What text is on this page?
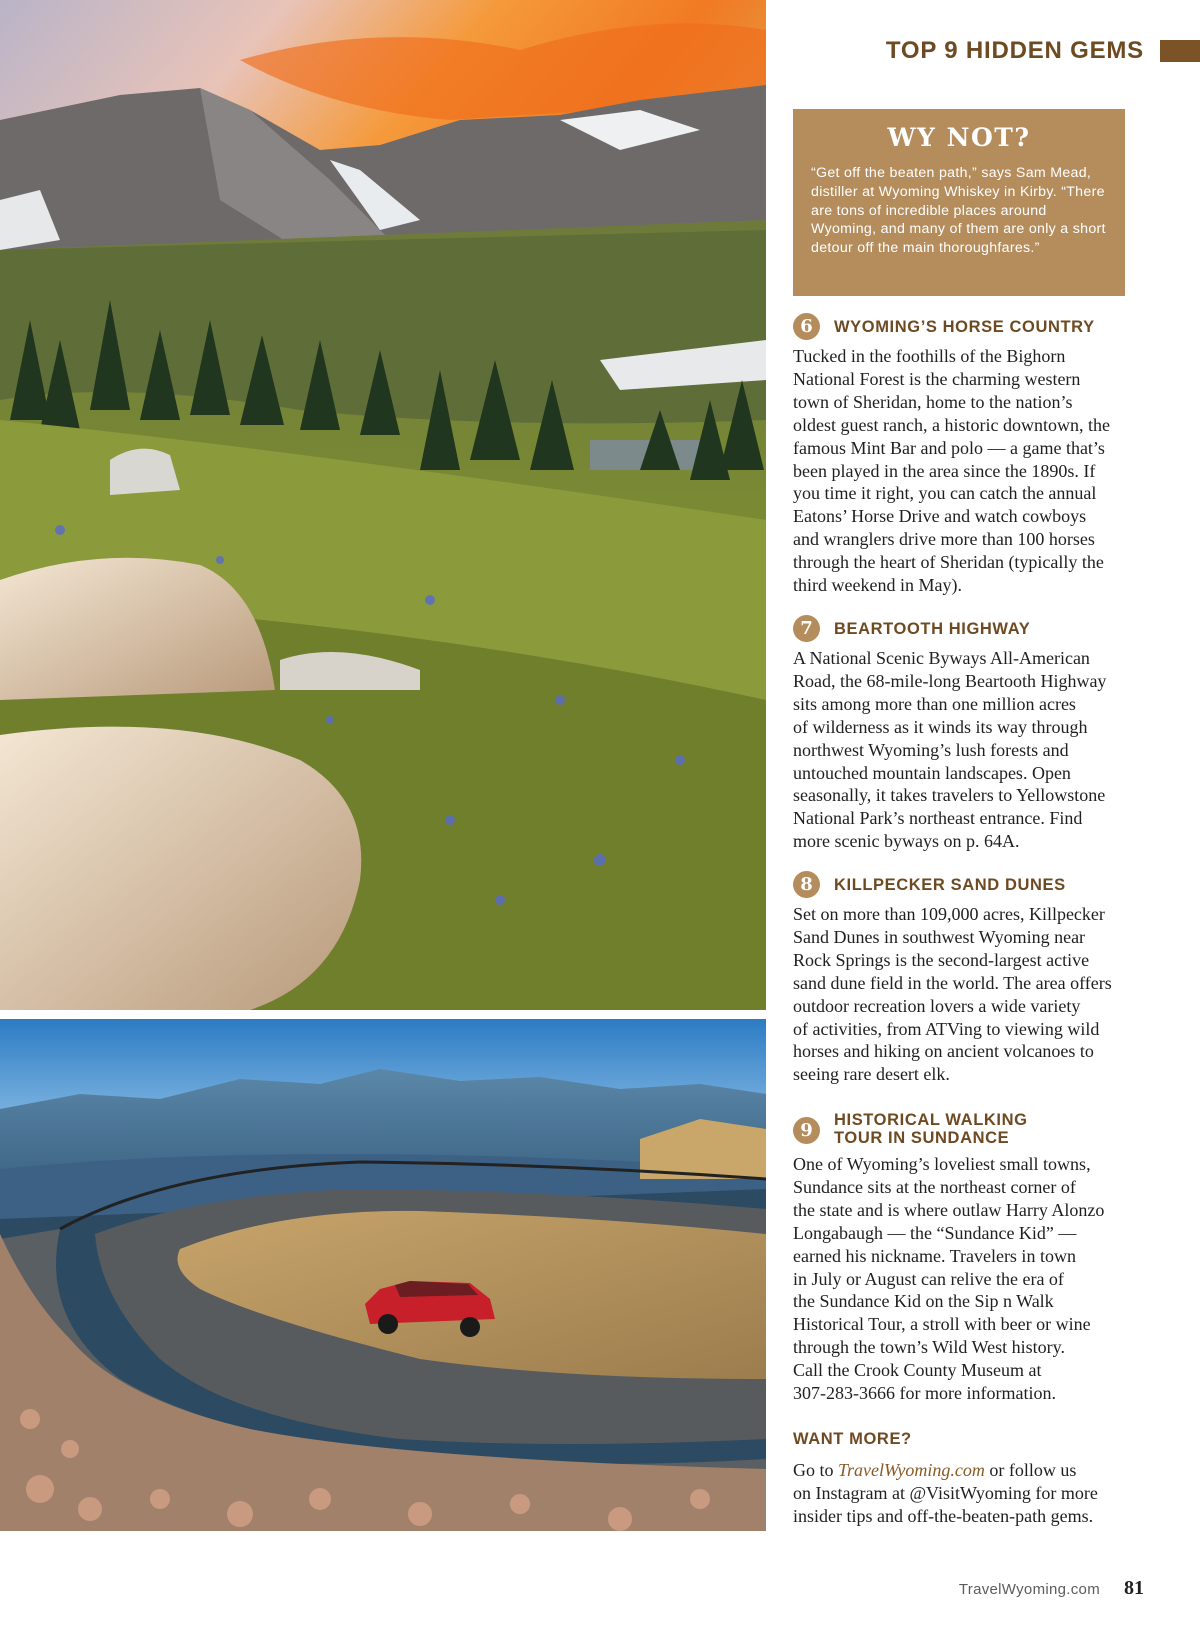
TOP 9 HIDDEN GEMS
WY NOT?
“Get off the beaten path,” says Sam Mead, distiller at Wyoming Whiskey in Kirby. “There are tons of incredible places around Wyoming, and many of them are only a short detour off the main thoroughfares.”
6	WYOMING’S HORSE COUNTRY
Tucked in the foothills of the Bighorn
National Forest is the charming western
town of Sheridan, home to the nation’s
oldest guest ranch, a historic downtown, the
famous Mint Bar and polo — a game that’s
been played in the area since the 1890s. If
you time it right, you can catch the annual
Eatons’ Horse Drive and watch cowboys
and wranglers drive more than 100 horses
through the heart of Sheridan (typically the
third weekend in May).
7	BEARTOOTH HIGHWAY
A National Scenic Byways All-American
Road, the 68-mile-long Beartooth Highway
sits among more than one million acres
of wilderness as it winds its way through
northwest Wyoming’s lush forests and
untouched mountain landscapes. Open
seasonally, it takes travelers to Yellowstone
National Park’s northeast entrance. Find
more scenic byways on p. 64A.
8	KILLPECKER SAND DUNES
Set on more than 109,000 acres, Killpecker
Sand Dunes in southwest Wyoming near
Rock Springs is the second-largest active
sand dune field in the world. The area offers
outdoor recreation lovers a wide variety
of activities, from ATVing to viewing wild
horses and hiking on ancient volcanoes to
seeing rare desert elk.
9	HISTORICAL WALKING
TOUR IN SUNDANCE
One of Wyoming’s loveliest small towns,
Sundance sits at the northeast corner of
the state and is where outlaw Harry Alonzo
Longabaugh — the “Sundance Kid” —
earned his nickname. Travelers in town
in July or August can relive the era of
the Sundance Kid on the Sip n Walk
Historical Tour, a stroll with beer or wine
through the town’s Wild West history.
Call the Crook County Museum at
307-283-3666 for more information.
WANT MORE?
Go to TravelWyoming.com or follow us
on Instagram at @VisitWyoming for more
insider tips and off-the-beaten-path gems.
TravelWyoming.com 81
